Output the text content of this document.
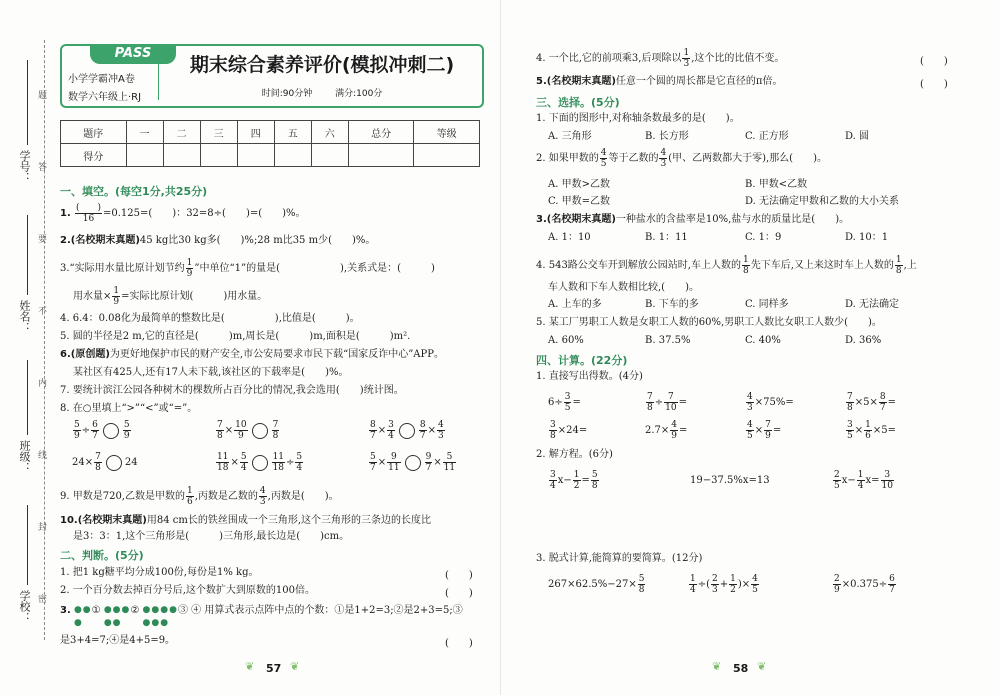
学号：
姓名：
班级：
学校：
题
答
要
不
内
线
封
密
PASS
小学学霸冲A卷
数学六年级上·RJ
期末综合素养评价(模拟冲刺二)
时间:90分钟	满分:100分
题序	一	二	三	四	五	六	总分	等级
得分								
一、填空。(每空1分,共25分)
1. $\frac{( )}{16} =0.125=$(　　 )：32=8÷(　　 )=(　　 )%。
2.(名校期末真题)45 kg比30 kg多(　　)%;28 m比35 m少(　　)%。
3.“实际用水量比原计划节约 $\frac{1}{9}$ ”中单位“1”的量是(　　　　　　),关系式是：(　　　)
用水量× $\frac{1}{9}$ =实际比原计划(　　　)用水量。
4. 6.4：0.08化为最简单的整数比是(　　　　　),比值是(　　　)。
5. 圆的半径是2 m,它的直径是(　　　)m,周长是(　　　)m,面积是(　　　)m².
6.(原创题)为更好地保护市民的财产安全,市公安局要求市民下载“国家反诈中心”APP。
某社区有425人,还有17人未下载,该社区的下载率是(　　)%。
7. 要统计滨江公园各种树木的棵数所占百分比的情况,我会选用(　　)统计图。
8. 在○里填上“>”“<”或“=”。
$\frac{5}{9} \div \frac{6}{7}$	$\frac{5}{9}$	$\frac{7}{8} \times \frac{10}{9}$	$\frac{7}{8}$	$\frac{8}{7} \times \frac{3}{4}$	$\frac{8}{7} \times \frac{4}{3}$
$24\times \frac{7}{8} 24$	$\frac{11}{18} \times \frac{5}{4}$	$\frac{11}{18} \div \frac{5}{4}$	$\frac{5}{7} \times \frac{9}{11}$	$\frac{9}{7} \times \frac{5}{11}$
9. 甲数是720,乙数是甲数的 $\frac{1}{6}$ ,丙数是乙数的 $\frac{4}{3}$ ,丙数是(　　)。
10.(名校期末真题)用84 cm长的铁丝围成一个三角形,这个三角形的三条边的长度比
是3：3：1,这个三角形是(　　　)三角形,最长边是(　　)cm。
二、判断。(5分)
1. 把1 kg糖平均分成100份,每份是1% kg。	(　　)
2. 一个百分数去掉百分号后,这个数扩大到原数的100倍。	(　　)
3. ●●
●① ●●●
●●② ●●●●
●●●③ ④ 用算式表示点阵中点的个数：①是1+2=3;②是2+3=5;③
是3+4=7;④是4+5=9。	(　　)
❦ 57 ❦
4. 一个比,它的前项乘3,后项除以 $\frac{1}{3}$ ,这个比的比值不变。	(　　)
5.(名校期末真题)任意一个圆的周长都是它直径的π倍。	(　　)
三、选择。(5分)
1. 下面的图形中,对称轴条数最多的是(　　)。
A. 三角形	B. 长方形	C. 正方形	D. 圆
2. 如果甲数的 $\frac{4}{5}$ 等于乙数的 $\frac{4}{3}$ (甲、乙两数都大于零),那么(　　)。
A. 甲数>乙数	B. 甲数<乙数
C. 甲数=乙数	D. 无法确定甲数和乙数的大小关系
3.(名校期末真题)一种盐水的含盐率是10%,盐与水的质量比是(　　)。
A. 1：10	B. 1：11	C. 1：9	D. 10：1
4. 543路公交车开到解放公园站时,车上人数的 $\frac{1}{8}$ 先下车后,又上来这时车上人数的 $\frac{1}{8}$ ,上
车人数和下车人数相比较,(　　)。
A. 上车的多	B. 下车的多	C. 同样多	D. 无法确定
5. 某工厂男职工人数是女职工人数的60%,男职工人数比女职工人数少(　　)。
A. 60%	B. 37.5%	C. 40%	D. 36%
四、计算。(22分)
1. 直接写出得数。(4分)
$6\div \frac{3}{5}$ =	$\frac{7}{8} \div \frac{7}{10}$ =	$\frac{4}{3} \times 75\%=$	$\frac{7}{8} \times 5\times \frac{8}{7}$ =
$\frac{3}{8} \times 24=$	$2.7\times \frac{4}{9}$ =	$\frac{4}{5} \times \frac{7}{9}$ =	$\frac{3}{5} \times \frac{1}{6} \times 5=$
2. 解方程。(6分)
$\frac{3}{4} x- \frac{1}{2} = \frac{5}{8}$	19−37.5%x=13	$\frac{2}{5} x- \frac{1}{4} x= \frac{3}{10}$
3. 脱式计算,能简算的要简算。(12分)
$267\times 62.5\%-27\times \frac{5}{8}$	$\frac{1}{4}$ ÷( $\frac{2}{3} + \frac{1}{2}$ )× $\frac{4}{5}$	$\frac{2}{9} \times 0.375\div \frac{6}{7}$
❦ 58 ❦
